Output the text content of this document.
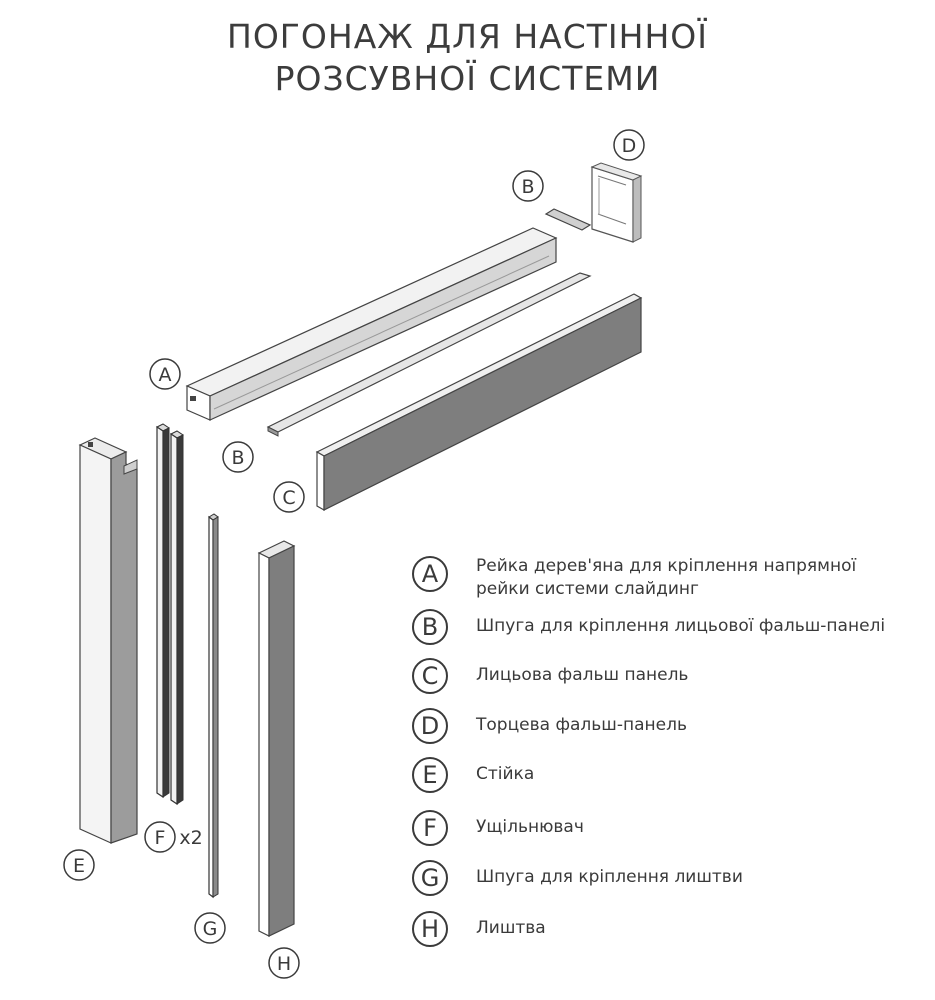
ПОГОНАЖ ДЛЯ НАСТІННОЇ
РОЗСУВНОЇ СИСТЕМИ
A
B
B
C
D
E
F x2
G
H
A	Рейка дерев'яна для кріплення напрямної рейки системи слайдинг
B	Шпуга для кріплення лицьової фальш-панелі
C	Лицьова фальш панель
D	Торцева фальш-панель
E	Стійка
F	Ущільнювач
G	Шпуга для кріплення лиштви
H	Лиштва
